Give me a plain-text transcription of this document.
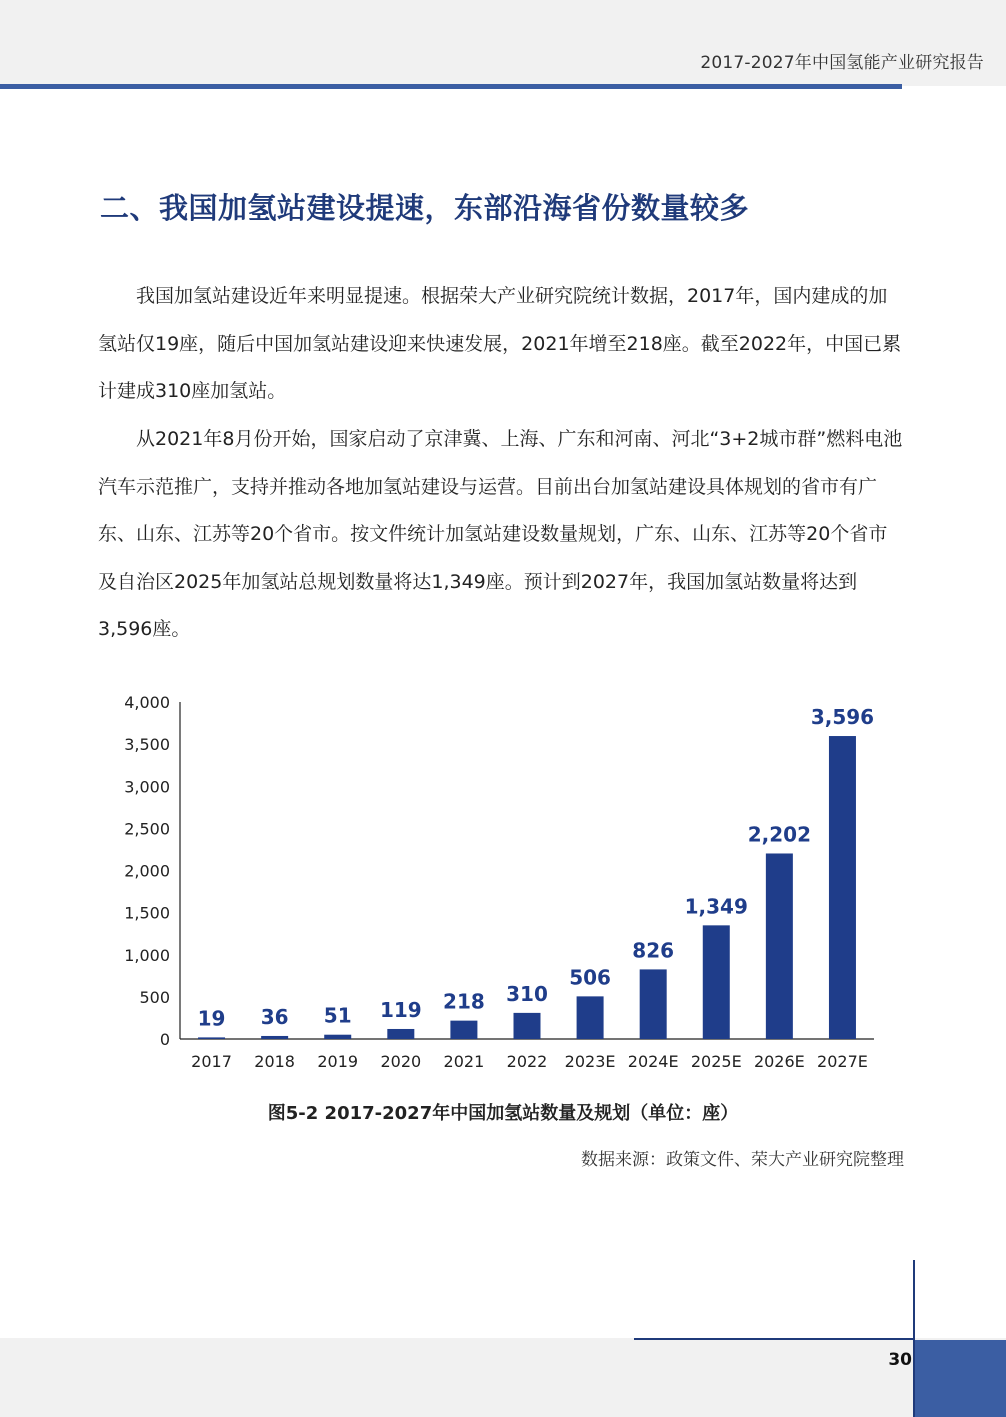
2017-2027年中国氢能产业研究报告
二、我国加氢站建设提速，东部沿海省份数量较多

我国加氢站建设近年来明显提速。根据荣大产业研究院统计数据，2017年，国内建成的加氢站仅19座，随后中国加氢站建设迎来快速发展，2021年增至218座。截至2022年，中国已累计建成310座加氢站。

从2021年8月份开始，国家启动了京津冀、上海、广东和河南、河北“3+2城市群”燃料电池汽车示范推广，支持并推动各地加氢站建设与运营。目前出台加氢站建设具体规划的省市有广东、山东、江苏等20个省市。按文件统计加氢站建设数量规划，广东、山东、江苏等20个省市及自治区2025年加氢站总规划数量将达1,349座。预计到2027年，我国加氢站数量将达到3,596座。

0
500
1,000
1,500
2,000
2,500
3,000
3,500
4,000
19
2017
36
2018
51
2019
119
2020
218
2021
310
2022
506
2023E
826
2024E
1,349
2025E
2,202
2026E
3,596
2027E
图5-2 2017-2027年中国加氢站数量及规划（单位：座）
数据来源：政策文件、荣大产业研究院整理
30
